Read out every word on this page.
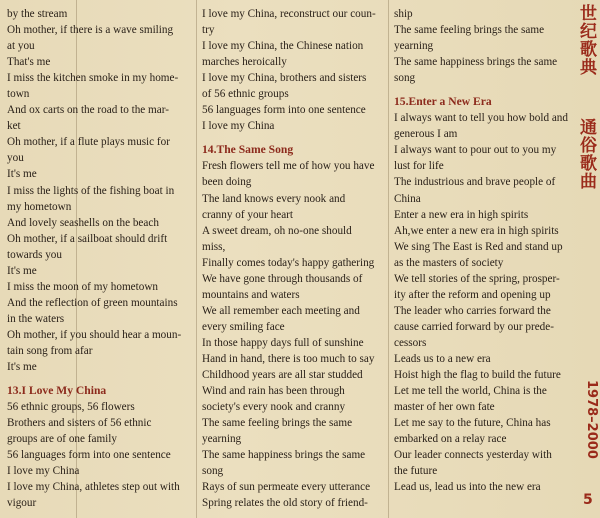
by the stream
Oh mother, if there is a wave smiling
at you
That's me
I miss the kitchen smoke in my home-
town
And ox carts on the road to the mar-
ket
Oh mother, if a flute plays music for
you
It's me
I miss the lights of the fishing boat in
my hometown
And lovely seashells on the beach
Oh mother, if a sailboat should drift
towards you
It's me
I miss the moon of my hometown
And the reflection of green mountains
in the waters
Oh mother, if you should hear a moun-
tain song from afar
It's me
13.I Love My China
56 ethnic groups, 56 flowers
Brothers and sisters of 56 ethnic
groups are of one family
56 languages form into one sentence
I love my China
I love my China, athletes step out with
vigour
I love my China, reconstruct our coun-
try
I love my China, the Chinese nation
marches heroically
I love my China, brothers and sisters
of 56 ethnic groups
56 languages form into one sentence
I love my China
14.The Same Song
Fresh flowers tell me of how you have
been doing
The land knows every nook and
cranny of your heart
A sweet dream, oh no-one should
miss,
Finally comes today's happy gathering
We have gone through thousands of
mountains and waters
We all remember each meeting and
every smiling face
In those happy days full of sunshine
Hand in hand, there is too much to say
Childhood years are all star studded
Wind and rain has been through
society's every nook and cranny
The same feeling brings the same
yearning
The same happiness brings the same
song
Rays of sun permeate every utterance
Spring relates the old story of friend-
ship
The same feeling brings the same
yearning
The same happiness brings the same
song
15.Enter a New Era
I always want to tell you how bold and
generous I am
I always want to pour out to you my
lust for life
The industrious and brave people of
China
Enter a new era in high spirits
Ah,we enter a new era in high spirits
We sing The East is Red and stand up
as the masters of society
We tell stories of the spring, prosper-
ity after the reform and opening up
The leader who carries forward the
cause carried forward by our prede-
cessors
Leads us to a new era
Hoist high the flag to build the future
Let me tell the world, China is the
master of her own fate
Let me say to the future, China has
embarked on a relay race
Our leader connects yesterday with
the future
Lead us, lead us into the new era
世纪歌典
通俗歌曲
1978–2000
5
